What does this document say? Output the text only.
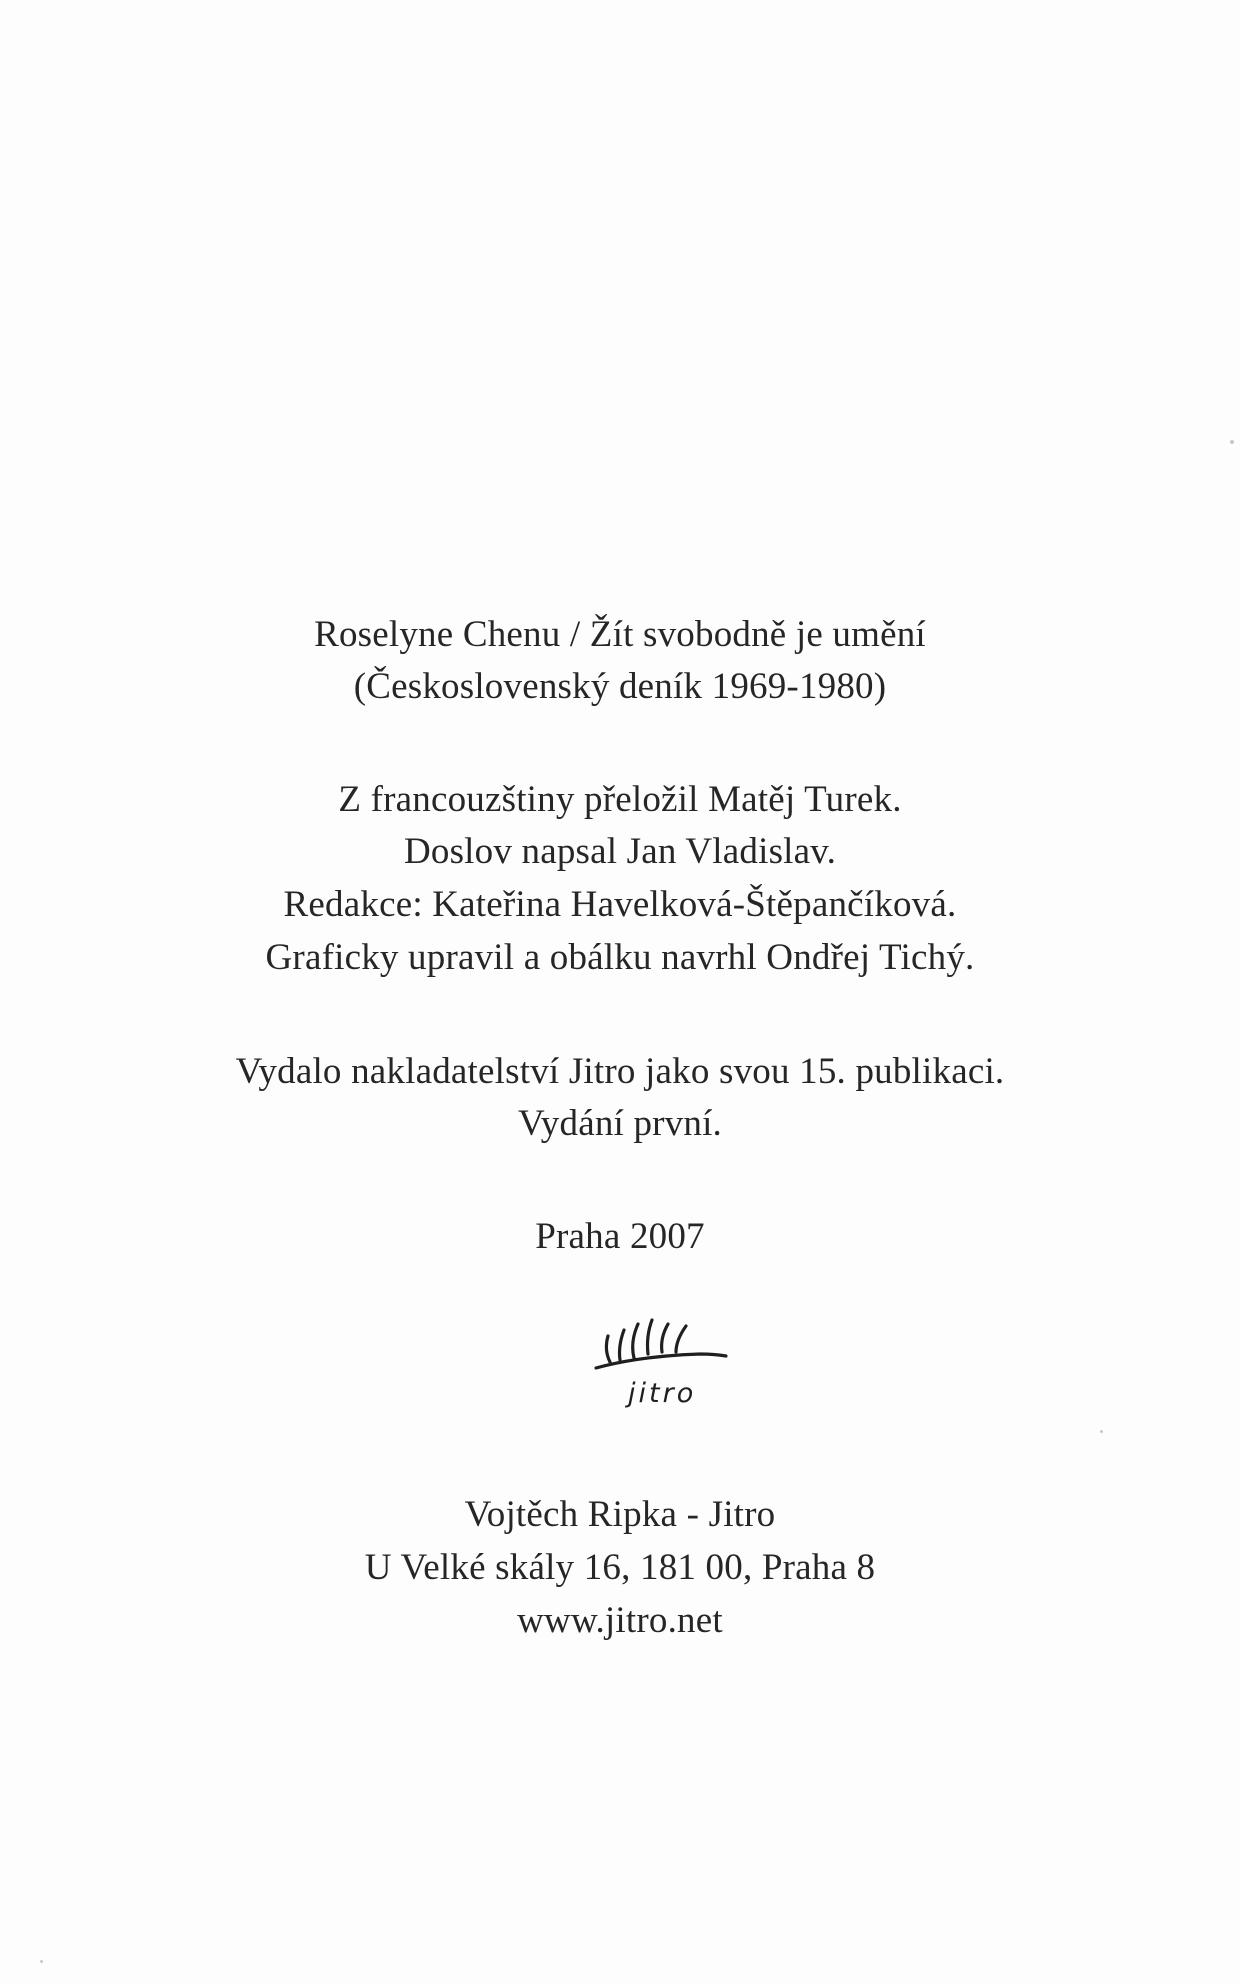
Roselyne Chenu / Žít svobodně je umění
(Československý deník 1969-1980)
Z francouzštiny přeložil Matěj Turek.
Doslov napsal Jan Vladislav.
Redakce: Kateřina Havelková-Štěpančíková.
Graficky upravil a obálku navrhl Ondřej Tichý.
Vydalo nakladatelství Jitro jako svou 15. publikaci.
Vydání první.
Praha 2007
jitro
Vojtěch Ripka - Jitro
U Velké skály 16, 181 00, Praha 8
www.jitro.net
